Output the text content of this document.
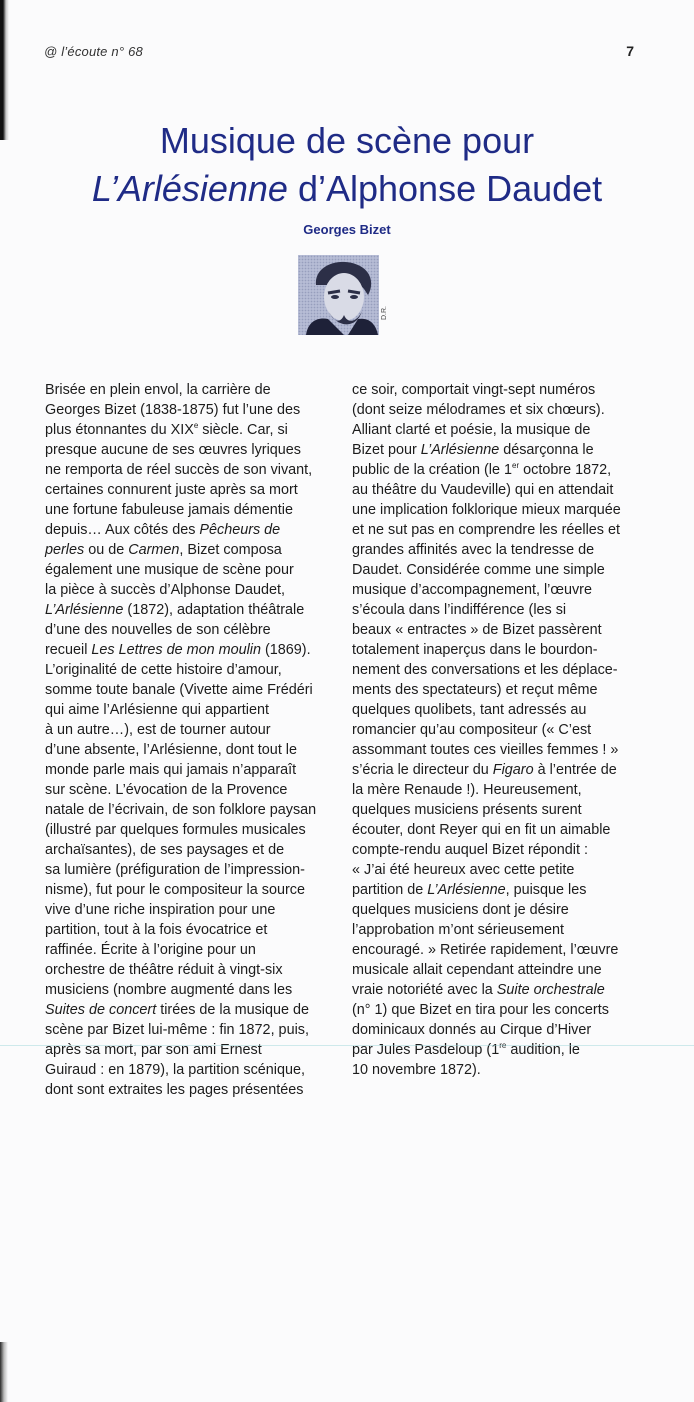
@ l’écoute n° 68	7
Musique de scène pour
L’Arlésienne d’Alphonse Daudet
Georges Bizet
D.R.
Brisée en plein envol, la carrière de
Georges Bizet (1838-1875) fut l’une des
plus étonnantes du XIXe siècle. Car, si
presque aucune de ses œuvres lyriques
ne remporta de réel succès de son vivant,
certaines connurent juste après sa mort
une fortune fabuleuse jamais démentie
depuis… Aux côtés des Pêcheurs de
perles ou de Carmen, Bizet composa
également une musique de scène pour
la pièce à succès d’Alphonse Daudet,
L’Arlésienne (1872), adaptation théâtrale
d’une des nouvelles de son célèbre
recueil Les Lettres de mon moulin (1869).
L’originalité de cette histoire d’amour,
somme toute banale (Vivette aime Frédéri
qui aime l’Arlésienne qui appartient
à un autre…), est de tourner autour
d’une absente, l’Arlésienne, dont tout le
monde parle mais qui jamais n’apparaît
sur scène. L’évocation de la Provence
natale de l’écrivain, de son folklore paysan
(illustré par quelques formules musicales
archaïsantes), de ses paysages et de
sa lumière (préfiguration de l’impression-
nisme), fut pour le compositeur la source
vive d’une riche inspiration pour une
partition, tout à la fois évocatrice et
raffinée. Écrite à l’origine pour un
orchestre de théâtre réduit à vingt-six
musiciens (nombre augmenté dans les
Suites de concert tirées de la musique de
scène par Bizet lui-même : fin 1872, puis,
après sa mort, par son ami Ernest
Guiraud : en 1879), la partition scénique,
dont sont extraites les pages présentées
ce soir, comportait vingt-sept numéros
(dont seize mélodrames et six chœurs).
Alliant clarté et poésie, la musique de
Bizet pour L’Arlésienne désarçonna le
public de la création (le 1er octobre 1872,
au théâtre du Vaudeville) qui en attendait
une implication folklorique mieux marquée
et ne sut pas en comprendre les réelles et
grandes affinités avec la tendresse de
Daudet. Considérée comme une simple
musique d’accompagnement, l’œuvre
s’écoula dans l’indifférence (les si
beaux « entractes » de Bizet passèrent
totalement inaperçus dans le bourdon-
nement des conversations et les déplace-
ments des spectateurs) et reçut même
quelques quolibets, tant adressés au
romancier qu’au compositeur (« C’est
assommant toutes ces vieilles femmes ! »
s’écria le directeur du Figaro à l’entrée de
la mère Renaude !). Heureusement,
quelques musiciens présents surent
écouter, dont Reyer qui en fit un aimable
compte-rendu auquel Bizet répondit :
« J’ai été heureux avec cette petite
partition de L’Arlésienne, puisque les
quelques musiciens dont je désire
l’approbation m’ont sérieusement
encouragé. » Retirée rapidement, l’œuvre
musicale allait cependant atteindre une
vraie notoriété avec la Suite orchestrale
(n° 1) que Bizet en tira pour les concerts
dominicaux donnés au Cirque d’Hiver
par Jules Pasdeloup (1re audition, le
10 novembre 1872).
